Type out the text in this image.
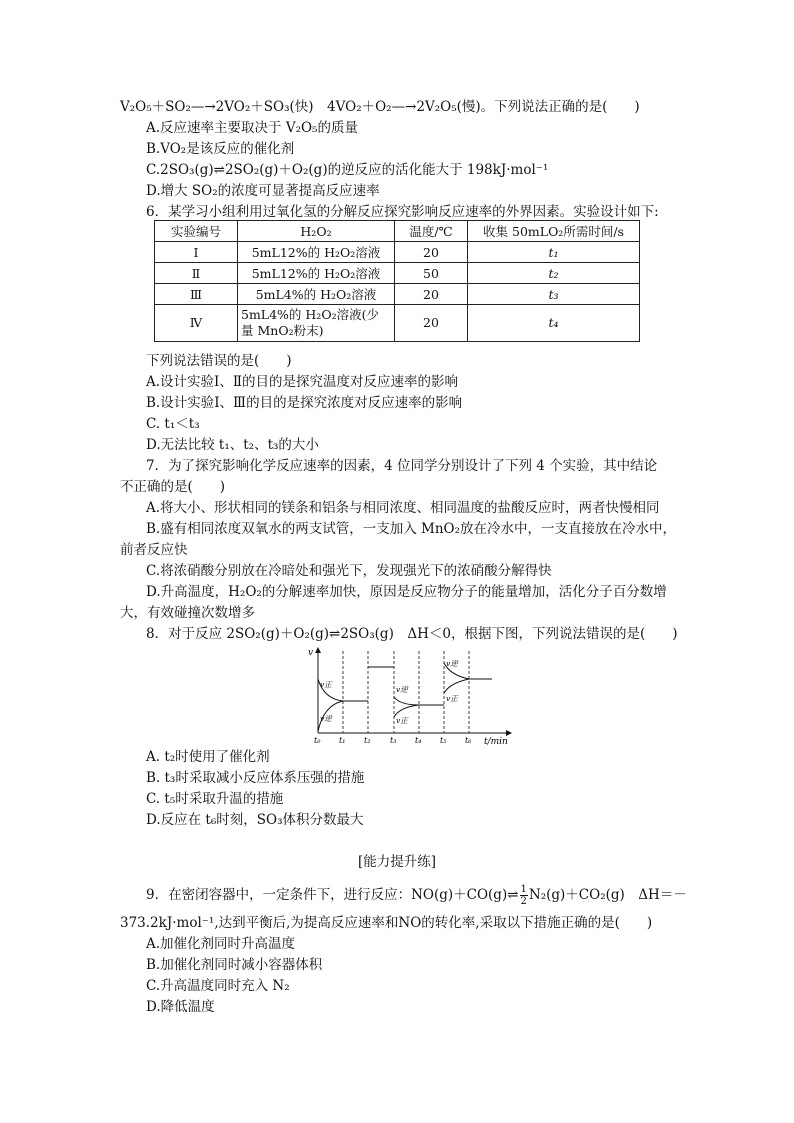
V₂O₅＋SO₂—→2VO₂＋SO₃(快)　4VO₂＋O₂—→2V₂O₅(慢)。下列说法正确的是(　　)
A.反应速率主要取决于 V₂O₅的质量
B.VO₂是该反应的催化剂
C.2SO₃(g)⇌2SO₂(g)＋O₂(g)的逆反应的活化能大于 198kJ·mol⁻¹
D.增大 SO₂的浓度可显著提高反应速率
6．某学习小组利用过氧化氢的分解反应探究影响反应速率的外界因素。实验设计如下:
实验编号	H₂O₂	温度/℃	收集 50mLO₂所需时间/s
Ⅰ	5mL12%的 H₂O₂溶液	20	t₁
Ⅱ	5mL12%的 H₂O₂溶液	50	t₂
Ⅲ	5mL4%的 H₂O₂溶液	20	t₃
Ⅳ	5mL4%的 H₂O₂溶液(少量 MnO₂粉末)	20	t₄
下列说法错误的是(　　)
A.设计实验Ⅰ、Ⅱ的目的是探究温度对反应速率的影响
B.设计实验Ⅰ、Ⅲ的目的是探究浓度对反应速率的影响
C. t₁＜t₃
D.无法比较 t₁、t₂、t₃的大小
7．为了探究影响化学反应速率的因素，4 位同学分别设计了下列 4 个实验，其中结论
不正确的是(　　)
A.将大小、形状相同的镁条和铝条与相同浓度、相同温度的盐酸反应时，两者快慢相同
B.盛有相同浓度双氧水的两支试管，一支加入 MnO₂放在冷水中，一支直接放在冷水中，
前者反应快
C.将浓硝酸分别放在冷暗处和强光下，发现强光下的浓硝酸分解得快
D.升高温度，H₂O₂的分解速率加快，原因是反应物分子的能量增加，活化分子百分数增
大，有效碰撞次数增多
8．对于反应 2SO₂(g)＋O₂(g)⇌2SO₃(g)　ΔH＜0，根据下图，下列说法错误的是(　　)
v
t/min
v正
v逆
v逆
v正
v逆
v正
t₀ t₁ t₂ t₃ t₄ t₅ t₆
A. t₂时使用了催化剂
B. t₃时采取减小反应体系压强的措施
C. t₅时采取升温的措施
D.反应在 t₆时刻，SO₃体积分数最大
[能力提升练]
9．在密闭容器中，一定条件下，进行反应：NO(g)＋CO(g)⇌ $\frac{1}{2} N_2(g)+CO_2(g)$　ΔH＝－
373.2kJ·mol⁻¹,达到平衡后,为提高反应速率和NO的转化率,采取以下措施正确的是(　　)
A.加催化剂同时升高温度
B.加催化剂同时减小容器体积
C.升高温度同时充入 N₂
D.降低温度
